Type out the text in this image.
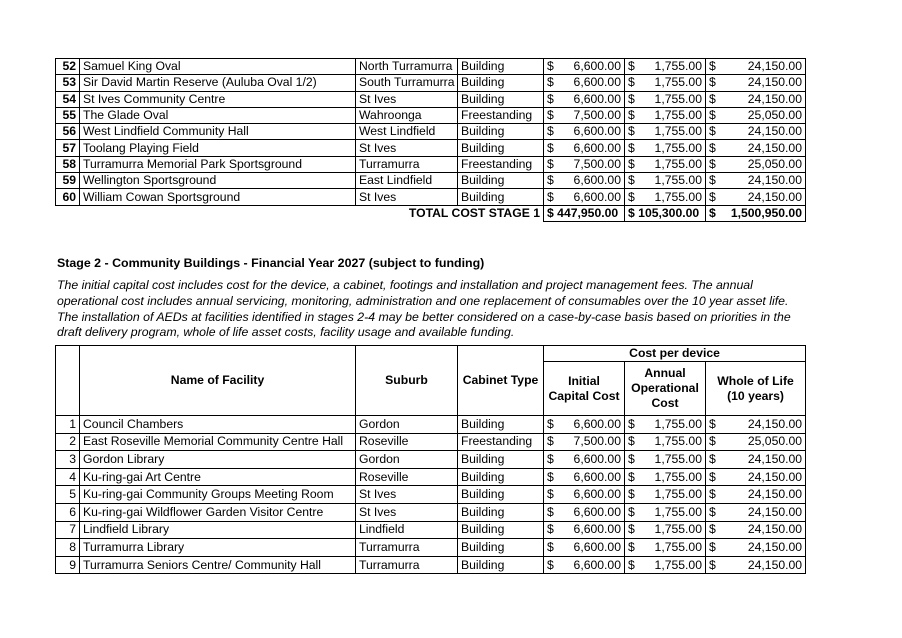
52	Samuel King Oval	North Turramurra	Building	$	6,600.00	$	1,755.00	$	24,150.00
53	Sir David Martin Reserve (Auluba Oval 1/2)	South Turramurra	Building	$	6,600.00	$	1,755.00	$	24,150.00
54	St Ives Community Centre	St Ives	Building	$	6,600.00	$	1,755.00	$	24,150.00
55	The Glade Oval	Wahroonga	Freestanding	$	7,500.00	$	1,755.00	$	25,050.00
56	West Lindfield Community Hall	West Lindfield	Building	$	6,600.00	$	1,755.00	$	24,150.00
57	Toolang Playing Field	St Ives	Building	$	6,600.00	$	1,755.00	$	24,150.00
58	Turramurra Memorial Park Sportsground	Turramurra	Freestanding	$	7,500.00	$	1,755.00	$	25,050.00
59	Wellington Sportsground	East Lindfield	Building	$	6,600.00	$	1,755.00	$	24,150.00
60	William Cowan Sportsground	St Ives	Building	$	6,600.00	$	1,755.00	$	24,150.00
TOTAL COST STAGE 1				$ 447,950.00		$ 105,300.00		$	1,500,950.00
Stage 2 - Community Buildings - Financial Year 2027 (subject to funding)
The initial capital cost includes cost for the device, a cabinet, footings and installation and project management fees. The annual operational cost includes annual servicing, monitoring, administration and one replacement of consumables over the 10 year asset life. The installation of AEDs at facilities identified in stages 2-4 may be better considered on a case-by-case basis based on priorities in the draft delivery program, whole of life asset costs, facility usage and available funding.
	Name of Facility	Suburb	Cabinet Type	Cost per device					
				Initial Capital Cost		Annual Operational Cost		Whole of Life (10 years)	
1	Council Chambers	Gordon	Building	$	6,600.00	$	1,755.00	$	24,150.00
2	East Roseville Memorial Community Centre Hall	Roseville	Freestanding	$	7,500.00	$	1,755.00	$	25,050.00
3	Gordon Library	Gordon	Building	$	6,600.00	$	1,755.00	$	24,150.00
4	Ku-ring-gai Art Centre	Roseville	Building	$	6,600.00	$	1,755.00	$	24,150.00
5	Ku-ring-gai Community Groups Meeting Room	St Ives	Building	$	6,600.00	$	1,755.00	$	24,150.00
6	Ku-ring-gai Wildflower Garden Visitor Centre	St Ives	Building	$	6,600.00	$	1,755.00	$	24,150.00
7	Lindfield Library	Lindfield	Building	$	6,600.00	$	1,755.00	$	24,150.00
8	Turramurra Library	Turramurra	Building	$	6,600.00	$	1,755.00	$	24,150.00
9	Turramurra Seniors Centre/ Community Hall	Turramurra	Building	$	6,600.00	$	1,755.00	$	24,150.00
